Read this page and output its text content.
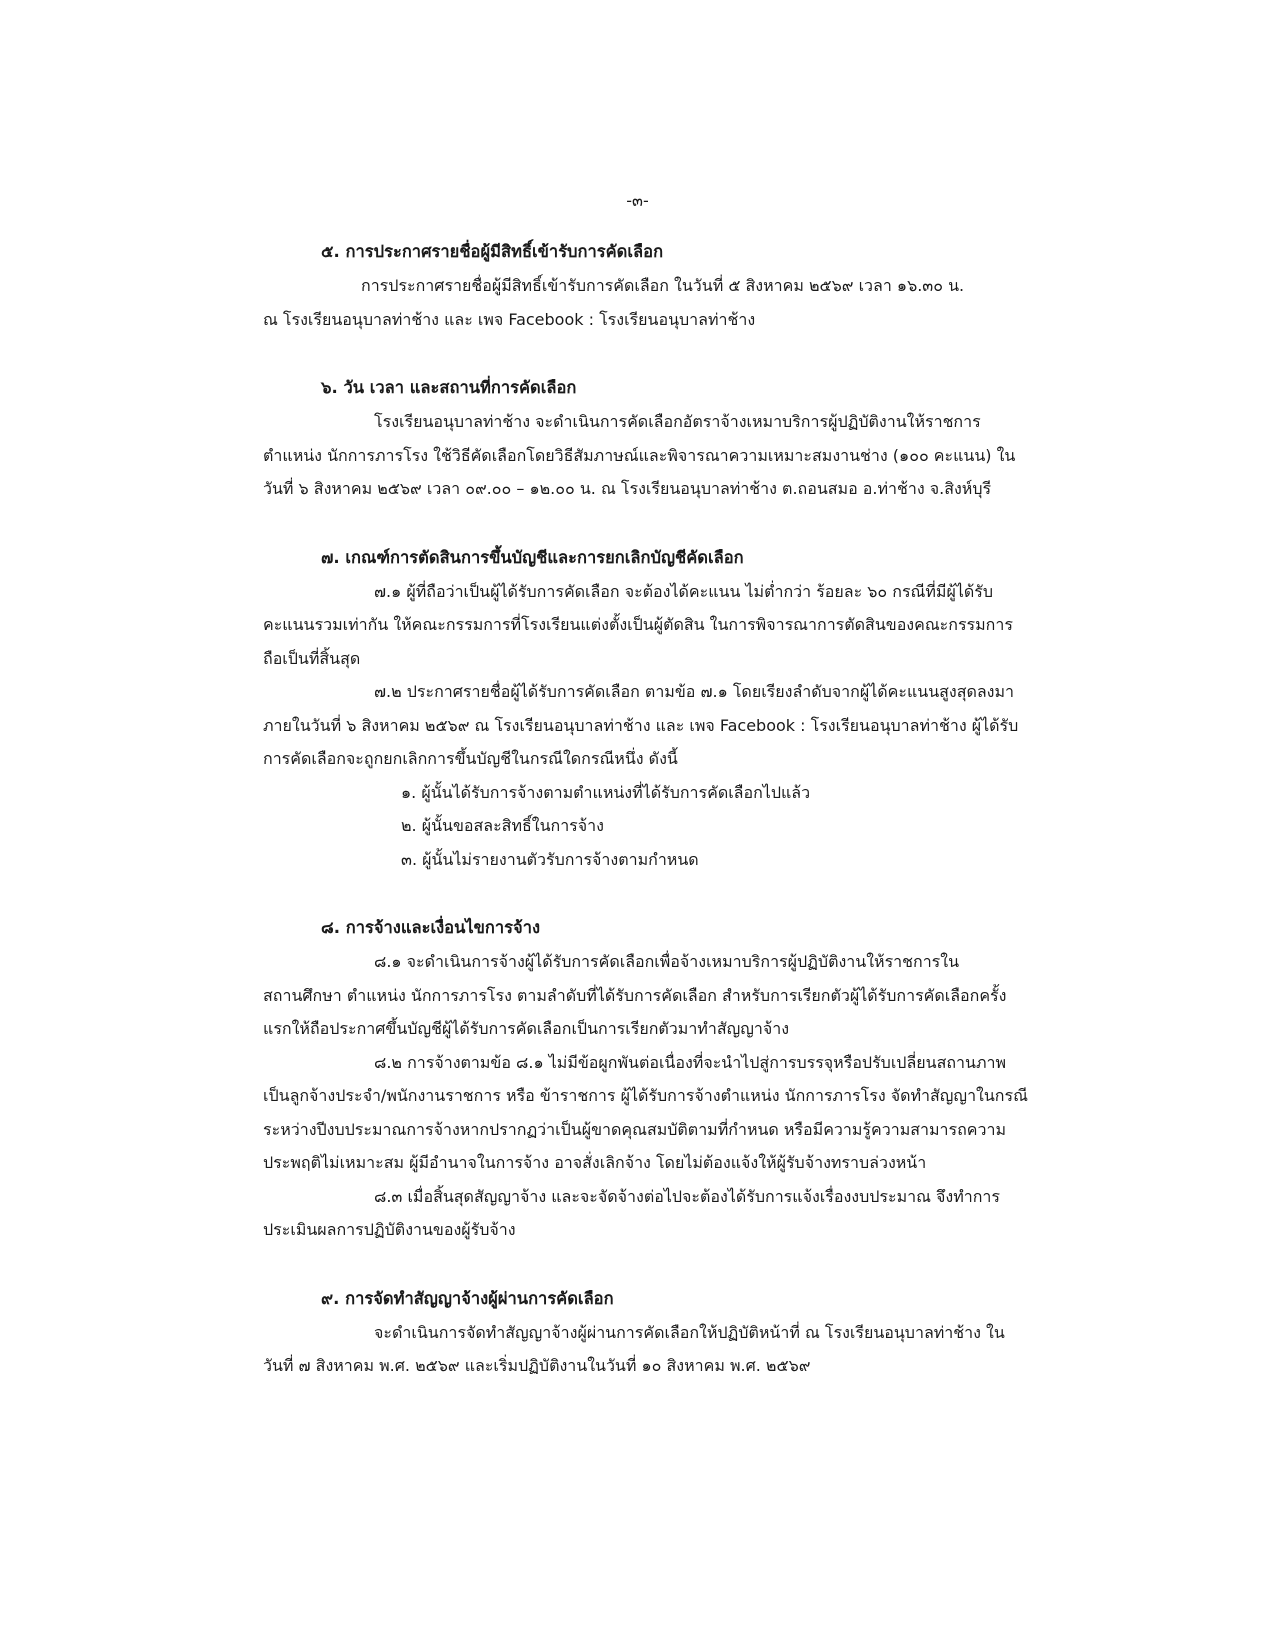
-๓-
๕. การประกาศรายชื่อผู้มีสิทธิ์เข้ารับการคัดเลือก
การประกาศรายชื่อผู้มีสิทธิ์เข้ารับการคัดเลือก ในวันที่ ๕ สิงหาคม ๒๕๖๙ เวลา ๑๖.๓๐ น.
ณ โรงเรียนอนุบาลท่าช้าง และ เพจ Facebook : โรงเรียนอนุบาลท่าช้าง
๖. วัน เวลา และสถานที่การคัดเลือก
โรงเรียนอนุบาลท่าช้าง จะดำเนินการคัดเลือกอัตราจ้างเหมาบริการผู้ปฏิบัติงานให้ราชการ
ตำแหน่ง นักการภารโรง ใช้วิธีคัดเลือกโดยวิธีสัมภาษณ์และพิจารณาความเหมาะสมงานช่าง (๑๐๐ คะแนน) ใน
วันที่ ๖ สิงหาคม ๒๕๖๙ เวลา ๐๙.๐๐ – ๑๒.๐๐ น. ณ โรงเรียนอนุบาลท่าช้าง ต.ถอนสมอ อ.ท่าช้าง จ.สิงห์บุรี
๗. เกณฑ์การตัดสินการขึ้นบัญชีและการยกเลิกบัญชีคัดเลือก
๗.๑ ผู้ที่ถือว่าเป็นผู้ได้รับการคัดเลือก จะต้องได้คะแนน ไม่ต่ำกว่า ร้อยละ ๖๐ กรณีที่มีผู้ได้รับ
คะแนนรวมเท่ากัน ให้คณะกรรมการที่โรงเรียนแต่งตั้งเป็นผู้ตัดสิน ในการพิจารณาการตัดสินของคณะกรรมการ
ถือเป็นที่สิ้นสุด
๗.๒ ประกาศรายชื่อผู้ได้รับการคัดเลือก ตามข้อ ๗.๑ โดยเรียงลำดับจากผู้ได้คะแนนสูงสุดลงมา
ภายในวันที่ ๖ สิงหาคม ๒๕๖๙ ณ โรงเรียนอนุบาลท่าช้าง และ เพจ Facebook : โรงเรียนอนุบาลท่าช้าง ผู้ได้รับ
การคัดเลือกจะถูกยกเลิกการขึ้นบัญชีในกรณีใดกรณีหนึ่ง ดังนี้
๑. ผู้นั้นได้รับการจ้างตามตำแหน่งที่ได้รับการคัดเลือกไปแล้ว
๒. ผู้นั้นขอสละสิทธิ์ในการจ้าง
๓. ผู้นั้นไม่รายงานตัวรับการจ้างตามกำหนด
๘. การจ้างและเงื่อนไขการจ้าง
๘.๑ จะดำเนินการจ้างผู้ได้รับการคัดเลือกเพื่อจ้างเหมาบริการผู้ปฏิบัติงานให้ราชการใน
สถานศึกษา ตำแหน่ง นักการภารโรง ตามลำดับที่ได้รับการคัดเลือก สำหรับการเรียกตัวผู้ได้รับการคัดเลือกครั้ง
แรกให้ถือประกาศขึ้นบัญชีผู้ได้รับการคัดเลือกเป็นการเรียกตัวมาทำสัญญาจ้าง
๘.๒ การจ้างตามข้อ ๘.๑ ไม่มีข้อผูกพันต่อเนื่องที่จะนำไปสู่การบรรจุหรือปรับเปลี่ยนสถานภาพ
เป็นลูกจ้างประจำ/พนักงานราชการ หรือ ข้าราชการ ผู้ได้รับการจ้างตำแหน่ง นักการภารโรง จัดทำสัญญาในกรณี
ระหว่างปีงบประมาณการจ้างหากปรากฏว่าเป็นผู้ขาดคุณสมบัติตามที่กำหนด หรือมีความรู้ความสามารถความ
ประพฤติไม่เหมาะสม ผู้มีอำนาจในการจ้าง อาจสั่งเลิกจ้าง โดยไม่ต้องแจ้งให้ผู้รับจ้างทราบล่วงหน้า
๘.๓ เมื่อสิ้นสุดสัญญาจ้าง และจะจัดจ้างต่อไปจะต้องได้รับการแจ้งเรื่องงบประมาณ จึงทำการ
ประเมินผลการปฏิบัติงานของผู้รับจ้าง
๙. การจัดทำสัญญาจ้างผู้ผ่านการคัดเลือก
จะดำเนินการจัดทำสัญญาจ้างผู้ผ่านการคัดเลือกให้ปฏิบัติหน้าที่ ณ โรงเรียนอนุบาลท่าช้าง ใน
วันที่ ๗ สิงหาคม พ.ศ. ๒๕๖๙ และเริ่มปฏิบัติงานในวันที่ ๑๐ สิงหาคม พ.ศ. ๒๕๖๙
